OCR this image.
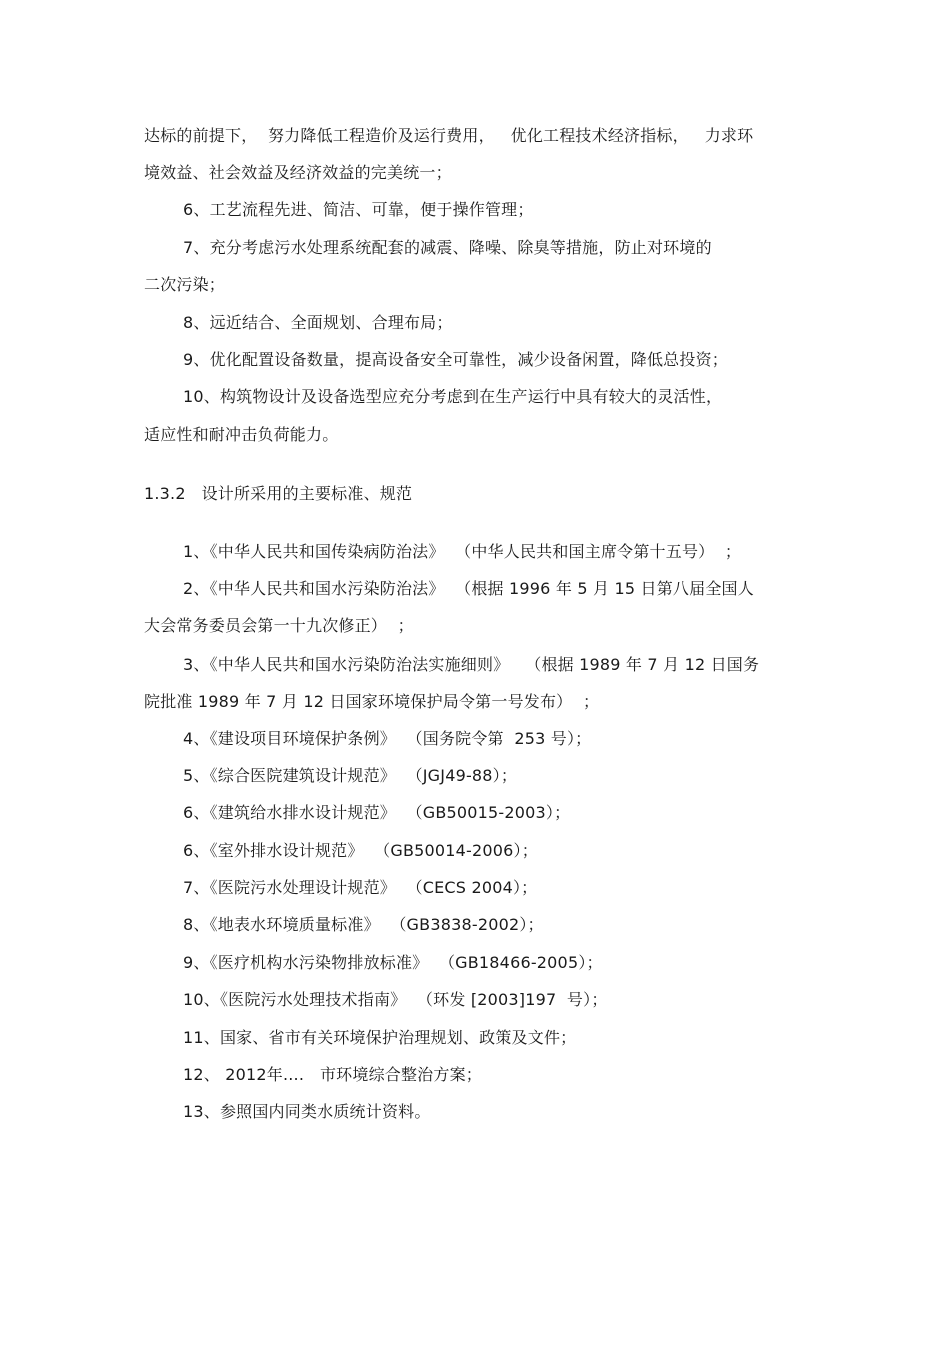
达标的前提下，  努力降低工程造价及运行费用，   优化工程技术经济指标，   力求环
境效益、社会效益及经济效益的完美统一；
6、工艺流程先进、简洁、可靠，便于操作管理；
7、充分考虑污水处理系统配套的减震、降噪、除臭等措施，防止对环境的
二次污染；
8、远近结合、全面规划、合理布局；
9、优化配置设备数量，提高设备安全可靠性，减少设备闲置，降低总投资；
10、构筑物设计及设备选型应充分考虑到在生产运行中具有较大的灵活性，
适应性和耐冲击负荷能力。
1.3.2   设计所采用的主要标准、规范
1、《中华人民共和国传染病防治法》  （中华人民共和国主席令第十五号）  ；
2、《中华人民共和国水污染防治法》  （根据 1996 年 5 月 15 日第八届全国人
大会常务委员会第一十九次修正）  ；
3、《中华人民共和国水污染防治法实施细则》   （根据 1989 年 7 月 12 日国务
院批准 1989 年 7 月 12 日国家环境保护局令第一号发布）  ；
4、《建设项目环境保护条例》  （国务院令第  253 号）；
5、《综合医院建筑设计规范》  （JGJ49-88）；
6、《建筑给水排水设计规范》  （GB50015-2003）；
6、《室外排水设计规范》  （GB50014-2006）；
7、《医院污水处理设计规范》  （CECS 2004）；
8、《地表水环境质量标准》  （GB3838-2002）；
9、《医疗机构水污染物排放标准》  （GB18466-2005）；
10、《医院污水处理技术指南》  （环发 [2003]197  号）；
11、国家、省市有关环境保护治理规划、政策及文件；
12、 2012年....   市环境综合整治方案；
13、参照国内同类水质统计资料。
